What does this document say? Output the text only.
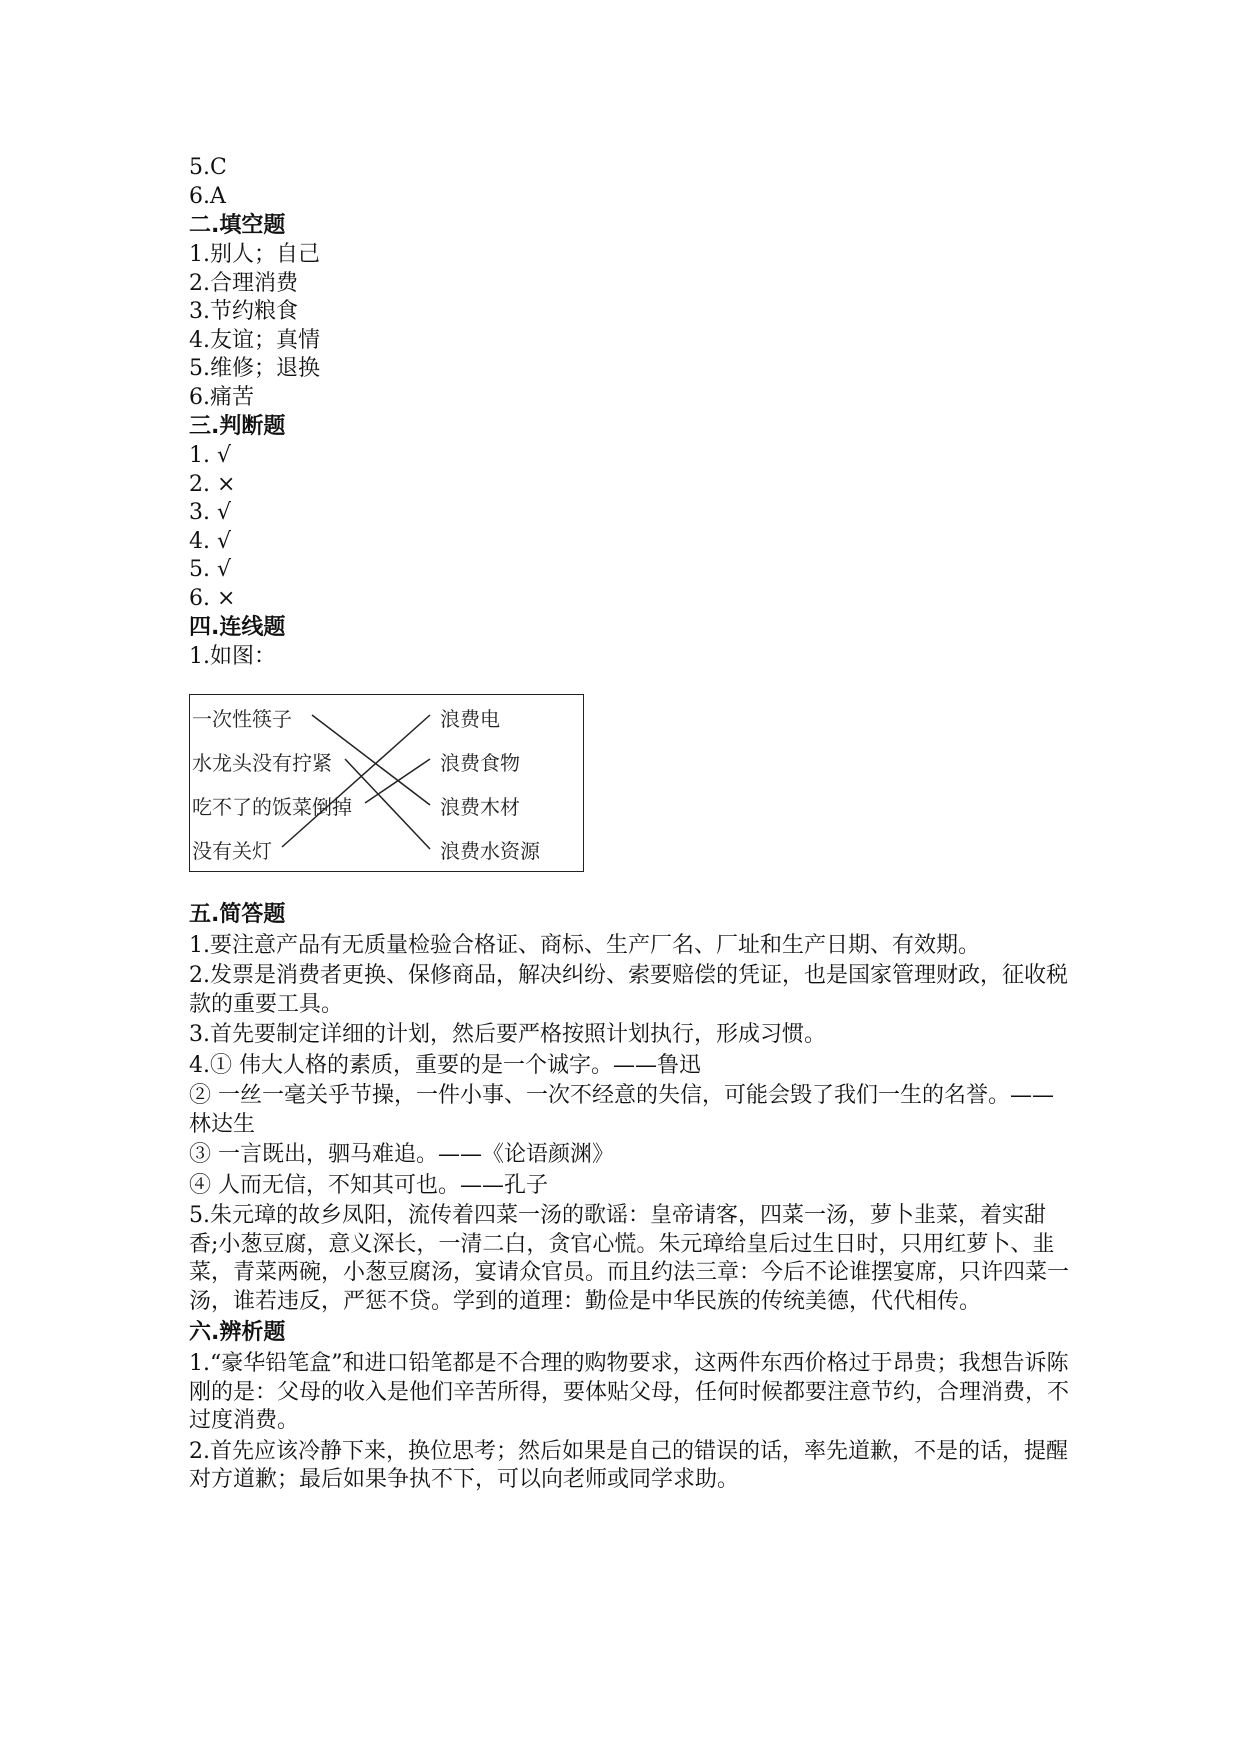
5.C
6.A
二.填空题
1.别人；自己
2.合理消费
3.节约粮食
4.友谊；真情
5.维修；退换
6.痛苦
三.判断题
1. √
2. ×
3. √
4. √
5. √
6. ×
四.连线题
1.如图：
一次性筷子
水龙头没有拧紧
吃不了的饭菜倒掉
没有关灯
浪费电
浪费食物
浪费木材
浪费水资源
五.简答题
1.要注意产品有无质量检验合格证、商标、生产厂名、厂址和生产日期、有效期。
2.发票是消费者更换、保修商品，解决纠纷、索要赔偿的凭证，也是国家管理财政，征收税款的重要工具。
3.首先要制定详细的计划，然后要严格按照计划执行，形成习惯。
4.① 伟大人格的素质，重要的是一个诚字。——鲁迅
② 一丝一毫关乎节操，一件小事、一次不经意的失信，可能会毁了我们一生的名誉。——林达生
③ 一言既出，驷马难追。——《论语颜渊》
④ 人而无信，不知其可也。——孔子
5.朱元璋的故乡凤阳，流传着四菜一汤的歌谣：皇帝请客，四菜一汤，萝卜韭菜，着实甜香;小葱豆腐，意义深长，一清二白，贪官心慌。朱元璋给皇后过生日时，只用红萝卜、韭菜，青菜两碗，小葱豆腐汤，宴请众官员。而且约法三章：今后不论谁摆宴席，只许四菜一汤，谁若违反，严惩不贷。学到的道理：勤俭是中华民族的传统美德，代代相传。
六.辨析题
1.“豪华铅笔盒”和进口铅笔都是不合理的购物要求，这两件东西价格过于昂贵；我想告诉陈刚的是：父母的收入是他们辛苦所得，要体贴父母，任何时候都要注意节约，合理消费，不过度消费。
2.首先应该冷静下来，换位思考；然后如果是自己的错误的话，率先道歉，不是的话，提醒对方道歉；最后如果争执不下，可以向老师或同学求助。
